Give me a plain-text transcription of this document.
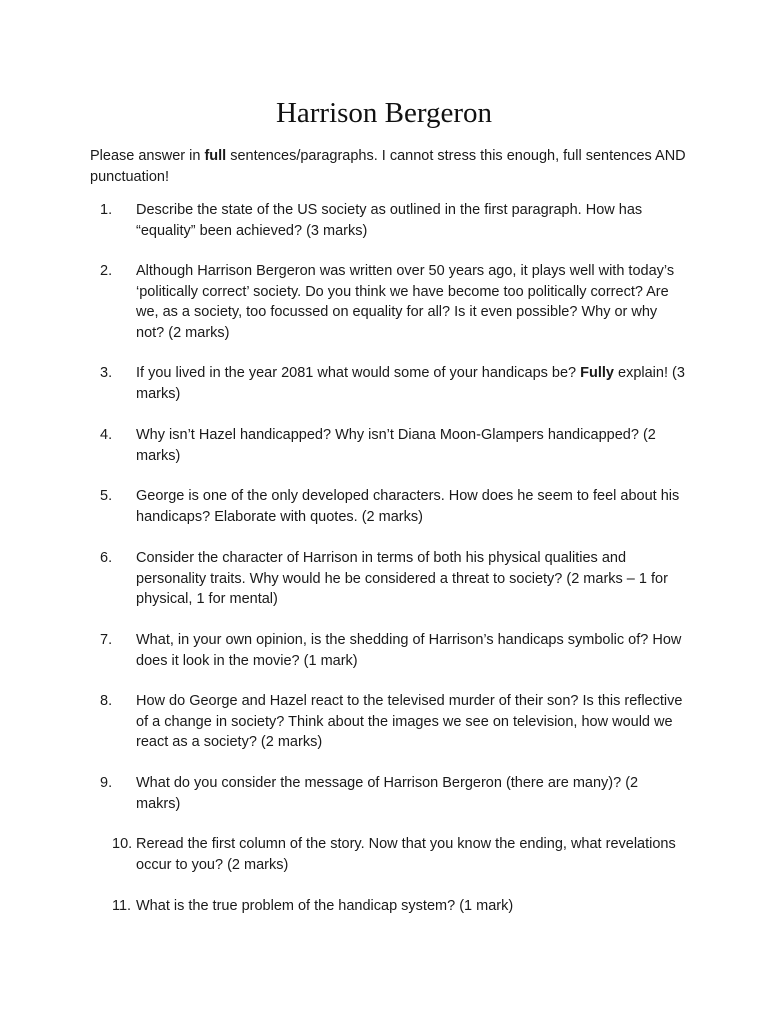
Harrison Bergeron
Please answer in full sentences/paragraphs. I cannot stress this enough, full sentences AND punctuation!
1.	Describe the state of the US society as outlined in the first paragraph. How has “equality” been achieved? (3 marks)
2.	Although Harrison Bergeron was written over 50 years ago, it plays well with today’s ‘politically correct’ society. Do you think we have become too politically correct? Are we, as a society, too focussed on equality for all? Is it even possible? Why or why not? (2 marks)
3.	If you lived in the year 2081 what would some of your handicaps be? Fully explain! (3 marks)
4.	Why isn’t Hazel handicapped? Why isn’t Diana Moon-Glampers handicapped? (2 marks)
5.	George is one of the only developed characters. How does he seem to feel about his handicaps? Elaborate with quotes. (2 marks)
6.	Consider the character of Harrison in terms of both his physical qualities and personality traits. Why would he be considered a threat to society? (2 marks – 1 for physical, 1 for mental)
7.	What, in your own opinion, is the shedding of Harrison’s handicaps symbolic of? How does it look in the movie? (1 mark)
8.	How do George and Hazel react to the televised murder of their son? Is this reflective of a change in society? Think about the images we see on television, how would we react as a society? (2 marks)
9.	What do you consider the message of Harrison Bergeron (there are many)? (2 makrs)
10. Reread the first column of the story. Now that you know the ending, what revelations occur to you? (2 marks)
11. What is the true problem of the handicap system? (1 mark)
